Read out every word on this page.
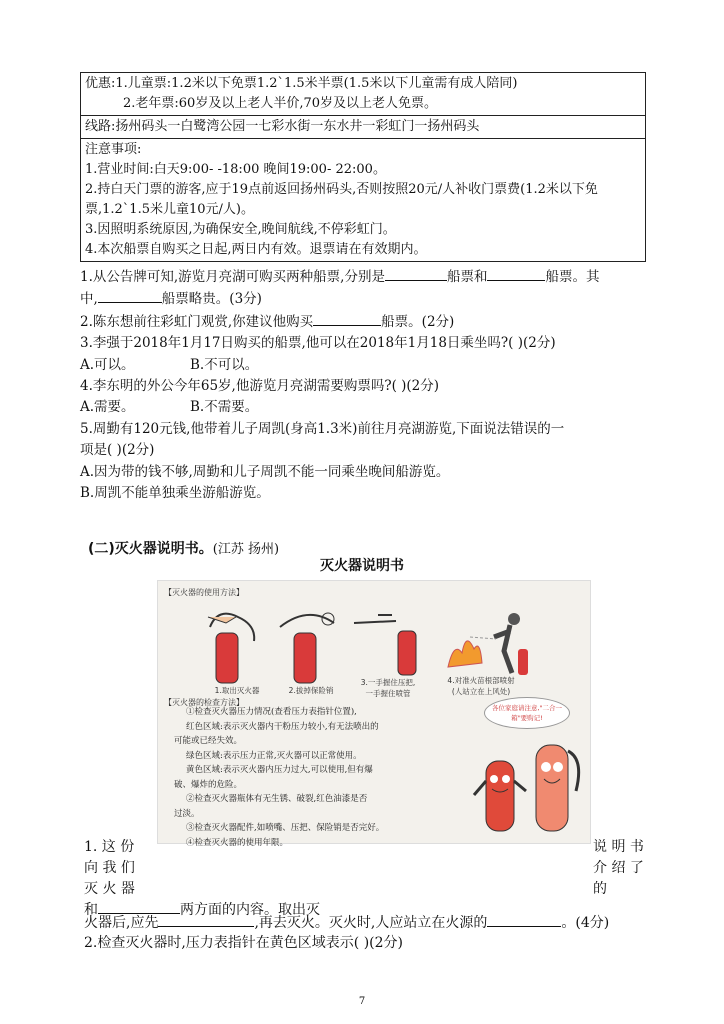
优惠:1.儿童票:1.2米以下免票1.2`1.5米半票(1.5米以下儿童需有成人陪同)
2.老年票:60岁及以上老人半价,70岁及以上老人免票。

线路:扬州码头一白鹭湾公园一七彩水街一东水井一彩虹门一扬州码头

注意事项:
1.营业时间:白天9:00- -18:00 晚间19:00- 22:00。
2.持白天门票的游客,应于19点前返回扬州码头,否则按照20元/人补收门票费(1.2米以下免票,1.2`1.5米儿童10元/人)。
3.因照明系统原因,为确保安全,晚间航线,不停彩虹门。
4.本次船票自购买之日起,两日内有效。退票请在有效期内。

1.从公告牌可知,游览月亮湖可购买两种船票,分别是	船票和	船票。其

中,	船票略贵。(3分)

2.陈东想前往彩虹门观赏,你建议他购买	船票。(2分)

3.李强于2018年1月17日购买的船票,他可以在2018年1月18日乘坐吗?( )(2分)

A.可以。	B.不可以。

4.李东明的外公今年65岁,他游览月亮湖需要购票吗?( )(2分)

A.需要。	B.不需要。

5.周勤有120元钱,他带着儿子周凯(身高1.3米)前往月亮湖游览,下面说法错误的一

项是( )(2分)

A.因为带的钱不够,周勤和儿子周凯不能一同乘坐晚间船游览。

B.周凯不能单独乘坐游船游览。

(二)灭火器说明书。(江苏 扬州)
灭火器说明书
【灭火器的使用方法】
1.取出灭火器	2.拔掉保险销
3.一手握住压把,
一手握住喷管
4.对准火苗根部喷射
(人站立在上风处)
【灭火器的检查方法】

①检查灭火器压力情况(查看压力表指针位置),

红色区域:表示灭火器内干粉压力较小,有无法喷出的

可能或已经失效。

绿色区域:表示压力正常,灭火器可以正常使用。

黄色区域:表示灭火器内压力过大,可以使用,但有爆

破、爆炸的危险。

②检查灭火器瓶体有无生锈、破裂,红色油漆是否

过淡。

③检查灭火器配件,如喷嘴、压把、保险销是否完好。

④检查灭火器的使用年限。

各位家庭请注意,"二合一箱"要购记!
1. 这 份	说 明 书
向 我 们	介 绍 了
灭 火 器	的
和	两方面的内容。取出灭
火器后,应先	,再去灭火。灭火时,人应站立在火源的	。(4分)
2.检查灭火器时,压力表指针在黄色区域表示( )(2分)
7
